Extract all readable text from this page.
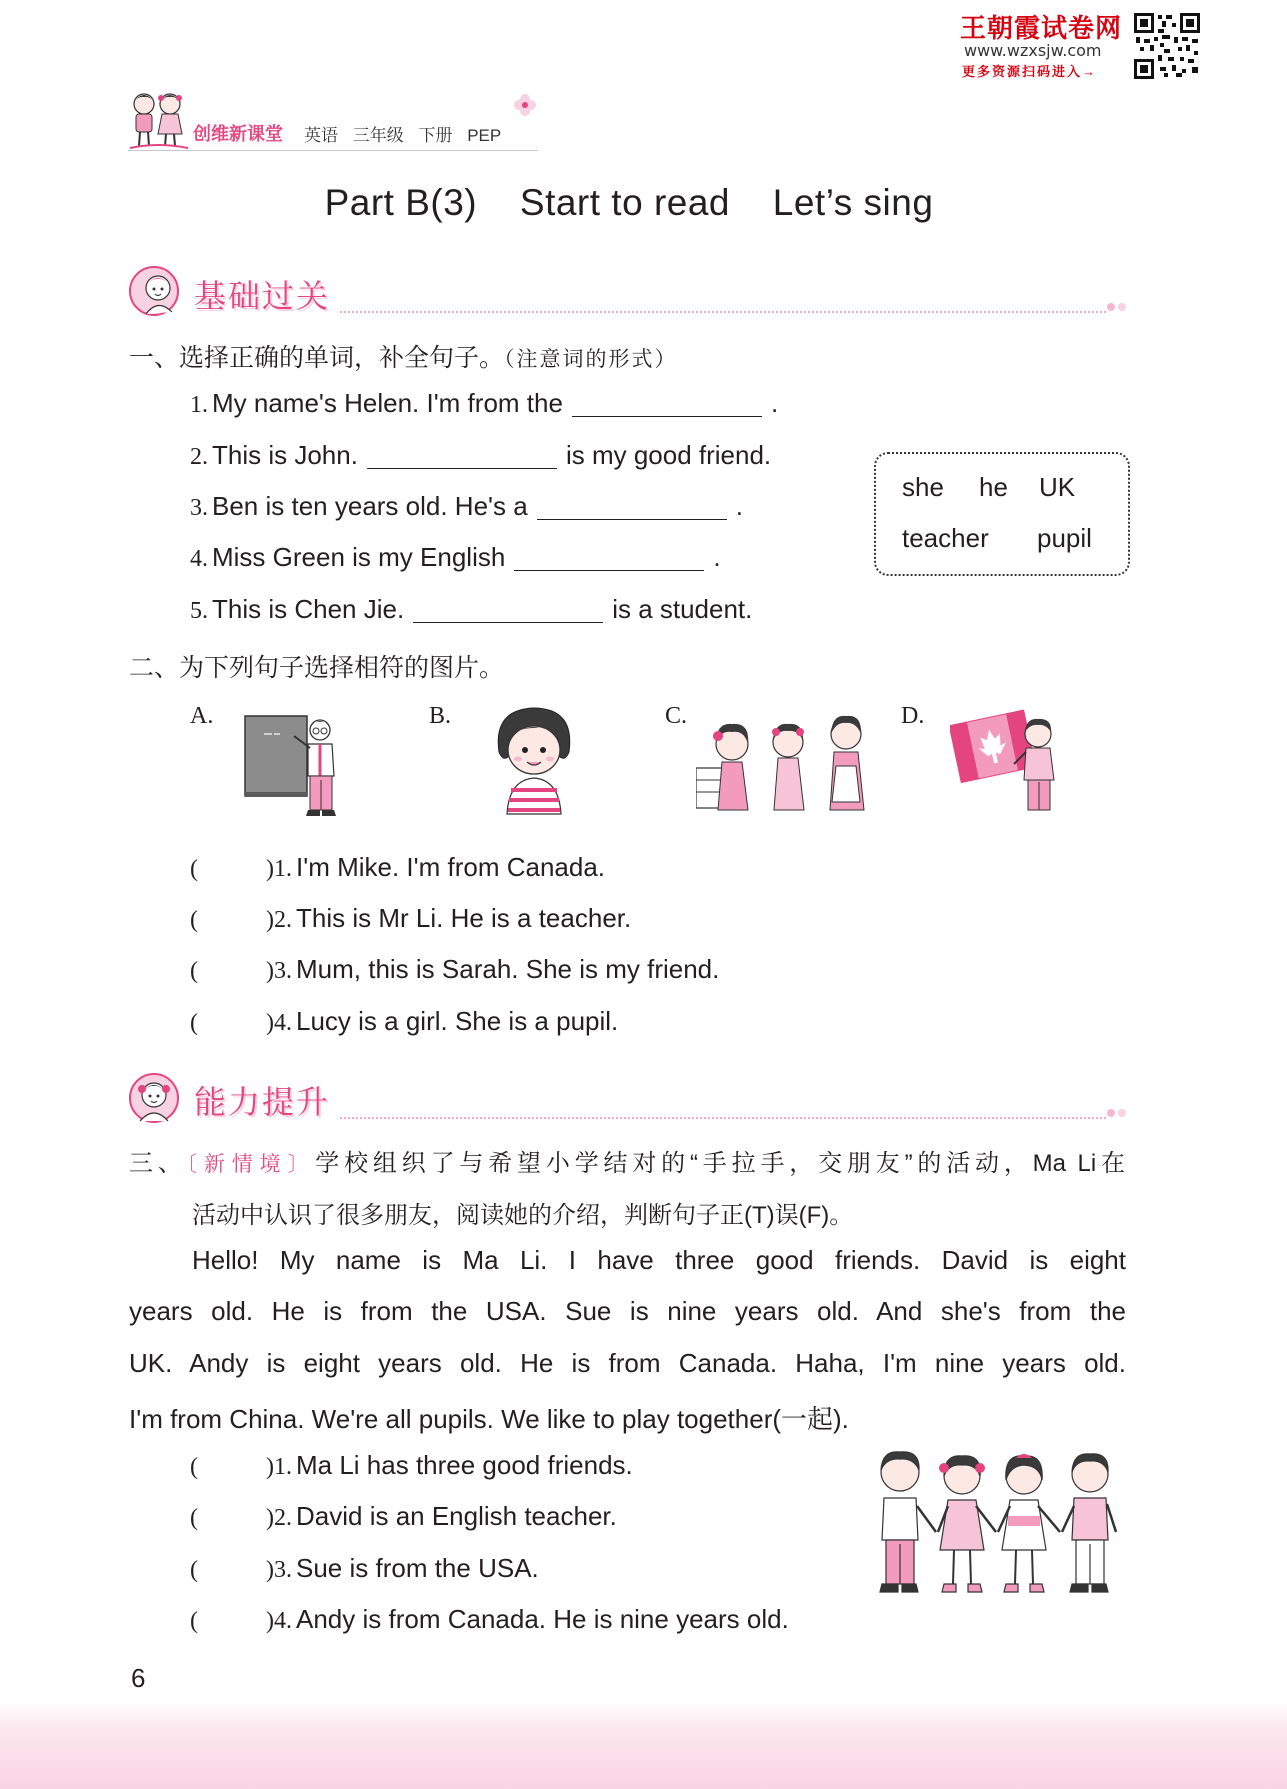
王朝霞试卷网
www.wzxsjw.com
更多资源扫码进入→
创维新课堂 英语 三年级 下册 PEP
Part B(3) Start to read Let’s sing
基础过关
一、选择正确的单词，补全句子。（注意词的形式）
1. My name's Helen. I'm from the	.
2. This is John.	is my good friend.
3. Ben is ten years old. He's a	.
4. Miss Green is my English	.
5. This is Chen Jie.	is a student.
she he UK
teacher pupil
二、为下列句子选择相符的图片。
A.	B.	C.	D.
(	) 1. I'm Mike. I'm from Canada.
(	) 2. This is Mr Li. He is a teacher.
(	) 3. Mum, this is Sarah. She is my friend.
(	) 4. Lucy is a girl. She is a pupil.
能力提升
三、〔新情境〕学校组织了与希望小学结对的“手拉手，交朋友”的活动，Ma Li在
活动中认识了很多朋友，阅读她的介绍，判断句子正(T)误(F)。
Hello! My name is Ma Li. I have three good friends. David is eight
years old. He is from the USA. Sue is nine years old. And she's from the
UK. Andy is eight years old. He is from Canada. Haha, I'm nine years old.
I'm from China. We're all pupils. We like to play together(一起).
(	) 1. Ma Li has three good friends.
(	) 2. David is an English teacher.
(	) 3. Sue is from the USA.
(	) 4. Andy is from Canada. He is nine years old.
6
